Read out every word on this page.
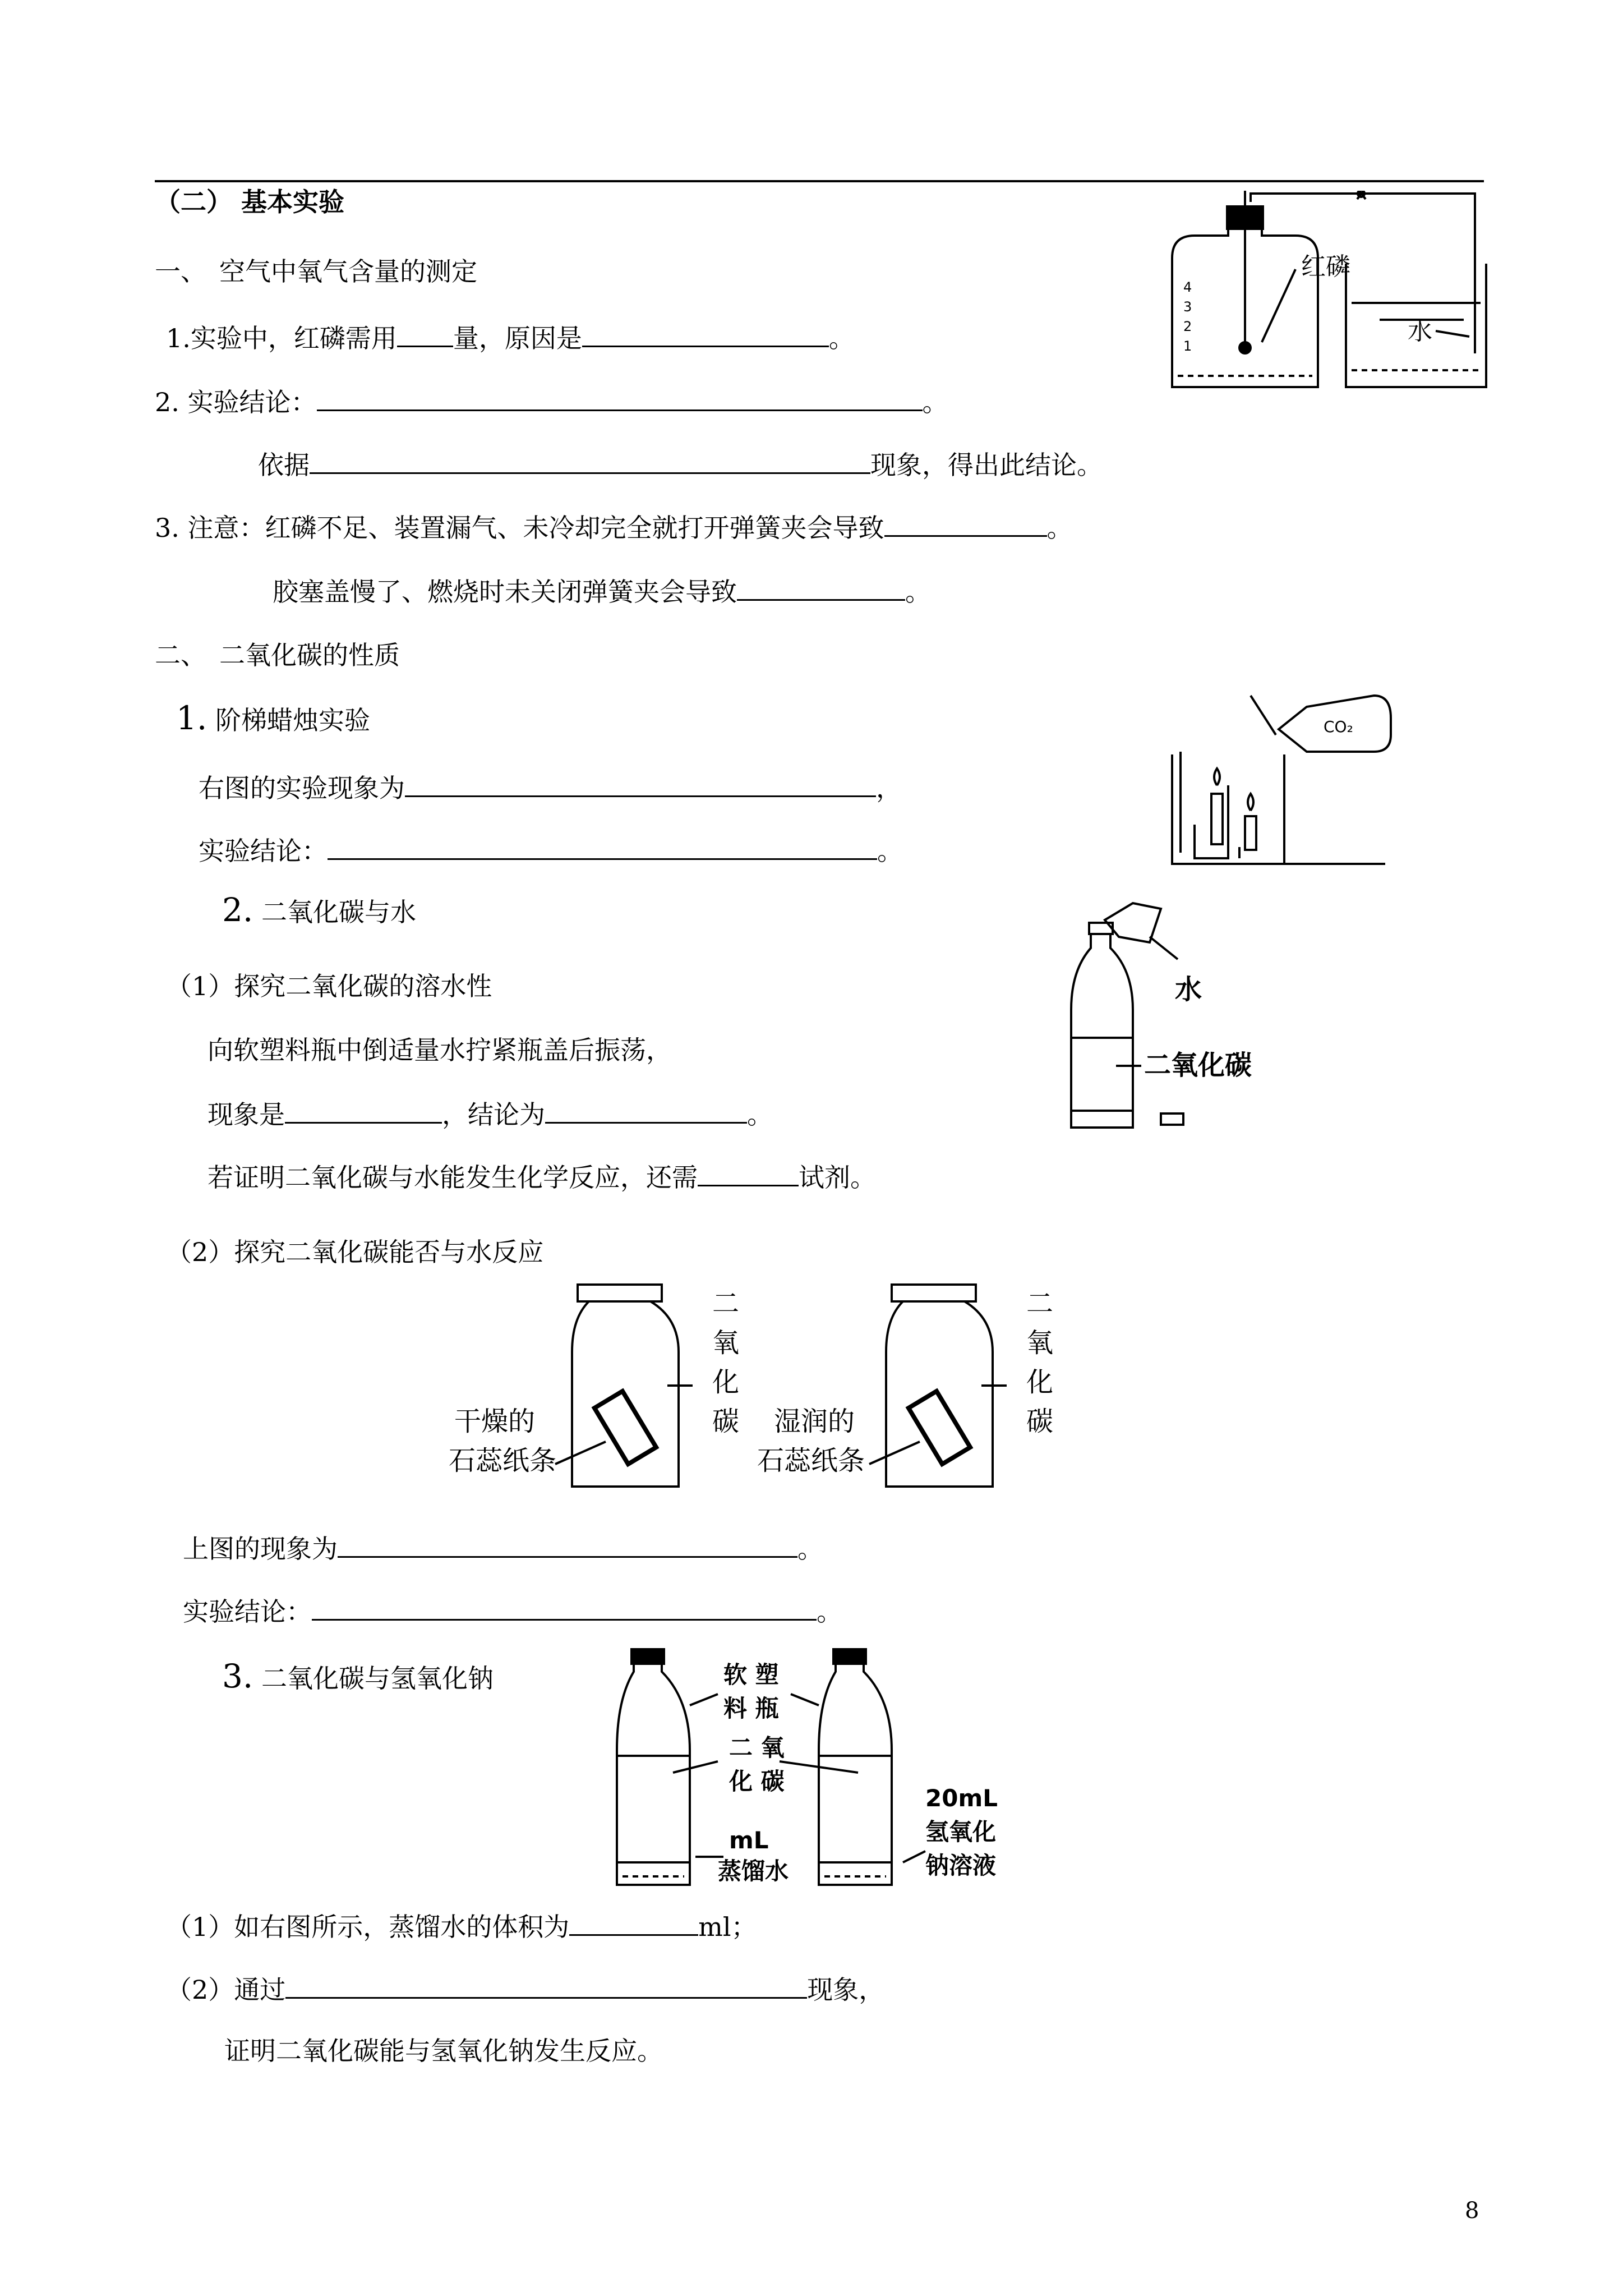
（二） 基本实验
一、　空气中氧气含量的测定
1.实验中，红磷需用 量，原因是	。
2. 实验结论：	。
依据	现象，得出此结论。
3. 注意：红磷不足、装置漏气、未冷却完全就打开弹簧夹会导致	。
胶塞盖慢了、燃烧时未关闭弹簧夹会导致	。
4
3
2
1
红磷
水
二、　二氧化碳的性质
1. 阶梯蜡烛实验
右图的实验现象为	，
实验结论：	。
CO₂
2. 二氧化碳与水
（1）探究二氧化碳的溶水性
向软塑料瓶中倒适量水拧紧瓶盖后振荡，
现象是	，结论为	。
若证明二氧化碳与水能发生化学反应，还需	试剂。
水
二氧化碳
（2）探究二氧化碳能否与水反应
二
氧
化
碳
干燥的
石蕊纸条
二
氧
化
碳
湿润的
石蕊纸条
上图的现象为	。
实验结论：	。
3. 二氧化碳与氢氧化钠	软 塑
料 瓶
二 氧
化 碳
mL
蒸馏水
20mL
氢氧化
钠溶液
（1）如右图所示，蒸馏水的体积为	ml；
（2）通过	现象，
证明二氧化碳能与氢氧化钠发生反应。
8
